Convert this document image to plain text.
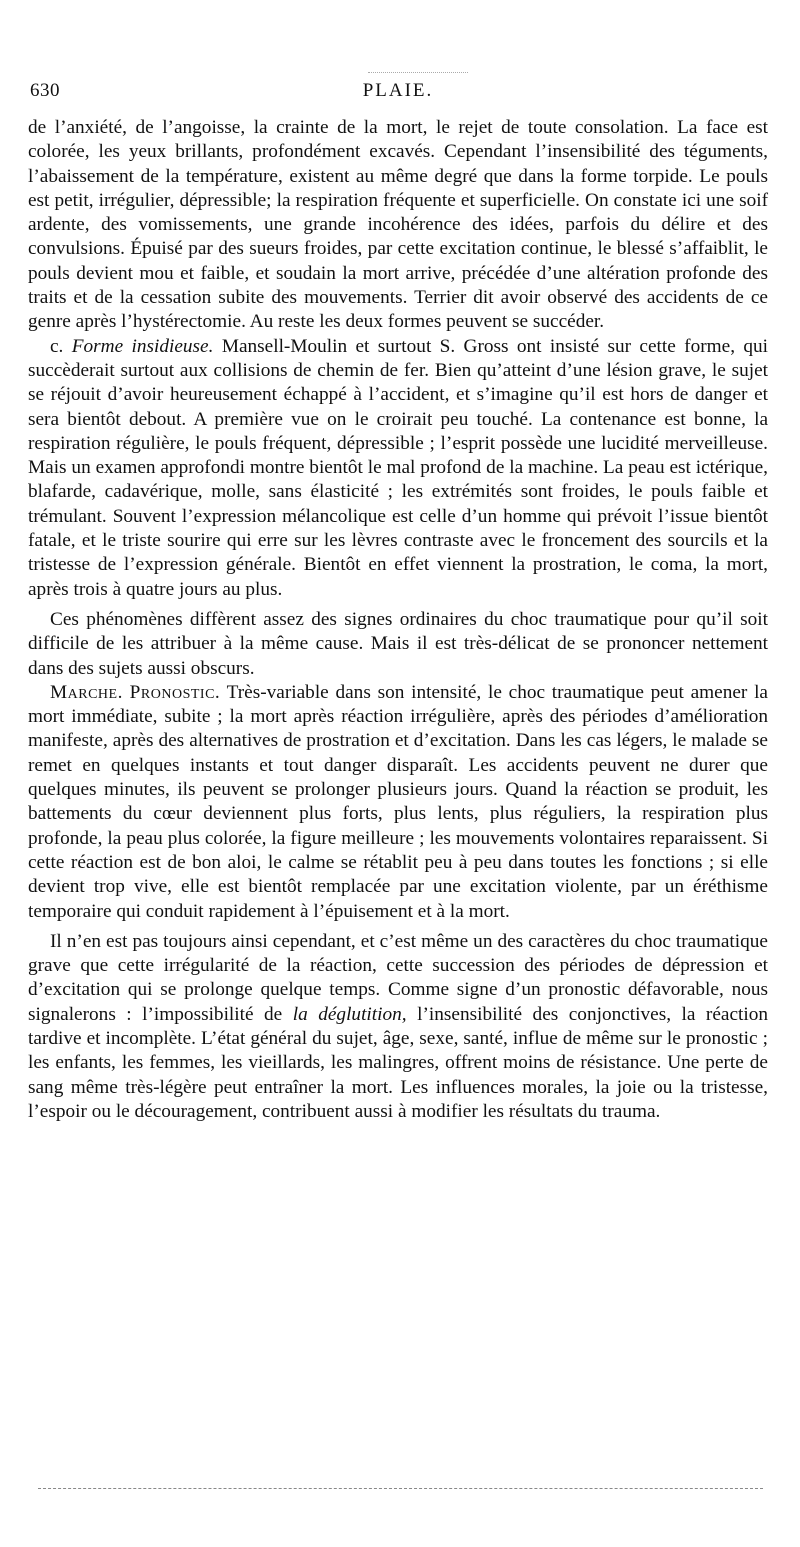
630	PLAIE.

de l’anxiété, de l’angoisse, la crainte de la mort, le rejet de toute consolation. La face est colorée, les yeux brillants, profondément excavés. Cependant l’insensibilité des téguments, l’abaissement de la température, existent au même degré que dans la forme torpide. Le pouls est petit, irrégulier, dépressible; la respiration fréquente et superficielle. On constate ici une soif ardente, des vomissements, une grande incohérence des idées, parfois du délire et des convulsions. Épuisé par des sueurs froides, par cette excitation continue, le blessé s’affaiblit, le pouls devient mou et faible, et soudain la mort arrive, précédée d’une altération profonde des traits et de la cessation subite des mouvements. Terrier dit avoir observé des accidents de ce genre après l’hystérectomie. Au reste les deux formes peuvent se succéder.

c. Forme insidieuse. Mansell-Moulin et surtout S. Gross ont insisté sur cette forme, qui succèderait surtout aux collisions de chemin de fer. Bien qu’atteint d’une lésion grave, le sujet se réjouit d’avoir heureusement échappé à l’accident, et s’imagine qu’il est hors de danger et sera bientôt debout. A première vue on le croirait peu touché. La contenance est bonne, la respiration régulière, le pouls fréquent, dépressible ; l’esprit possède une lucidité merveilleuse. Mais un examen approfondi montre bientôt le mal profond de la machine. La peau est ictérique, blafarde, cadavérique, molle, sans élasticité ; les extrémités sont froides, le pouls faible et trémulant. Souvent l’expression mélancolique est celle d’un homme qui prévoit l’issue bientôt fatale, et le triste sourire qui erre sur les lèvres contraste avec le froncement des sourcils et la tristesse de l’expression générale. Bientôt en effet viennent la prostration, le coma, la mort, après trois à quatre jours au plus.

Ces phénomènes diffèrent assez des signes ordinaires du choc traumatique pour qu’il soit difficile de les attribuer à la même cause. Mais il est très-délicat de se prononcer nettement dans des sujets aussi obscurs.

Marche. Pronostic. Très-variable dans son intensité, le choc traumatique peut amener la mort immédiate, subite ; la mort après réaction irrégulière, après des périodes d’amélioration manifeste, après des alternatives de prostration et d’excitation. Dans les cas légers, le malade se remet en quelques instants et tout danger disparaît. Les accidents peuvent ne durer que quelques minutes, ils peuvent se prolonger plusieurs jours. Quand la réaction se produit, les battements du cœur deviennent plus forts, plus lents, plus réguliers, la respiration plus profonde, la peau plus colorée, la figure meilleure ; les mouvements volontaires reparaissent. Si cette réaction est de bon aloi, le calme se rétablit peu à peu dans toutes les fonctions ; si elle devient trop vive, elle est bientôt remplacée par une excitation violente, par un éréthisme temporaire qui conduit rapidement à l’épuisement et à la mort.

Il n’en est pas toujours ainsi cependant, et c’est même un des caractères du choc traumatique grave que cette irrégularité de la réaction, cette succession des périodes de dépression et d’excitation qui se prolonge quelque temps. Comme signe d’un pronostic défavorable, nous signalerons : l’impossibilité de la déglutition, l’insensibilité des conjonctives, la réaction tardive et incomplète. L’état général du sujet, âge, sexe, santé, influe de même sur le pronostic ; les enfants, les femmes, les vieillards, les malingres, offrent moins de résistance. Une perte de sang même très-légère peut entraîner la mort. Les influences morales, la joie ou la tristesse, l’espoir ou le découragement, contribuent aussi à modifier les résultats du trauma.
